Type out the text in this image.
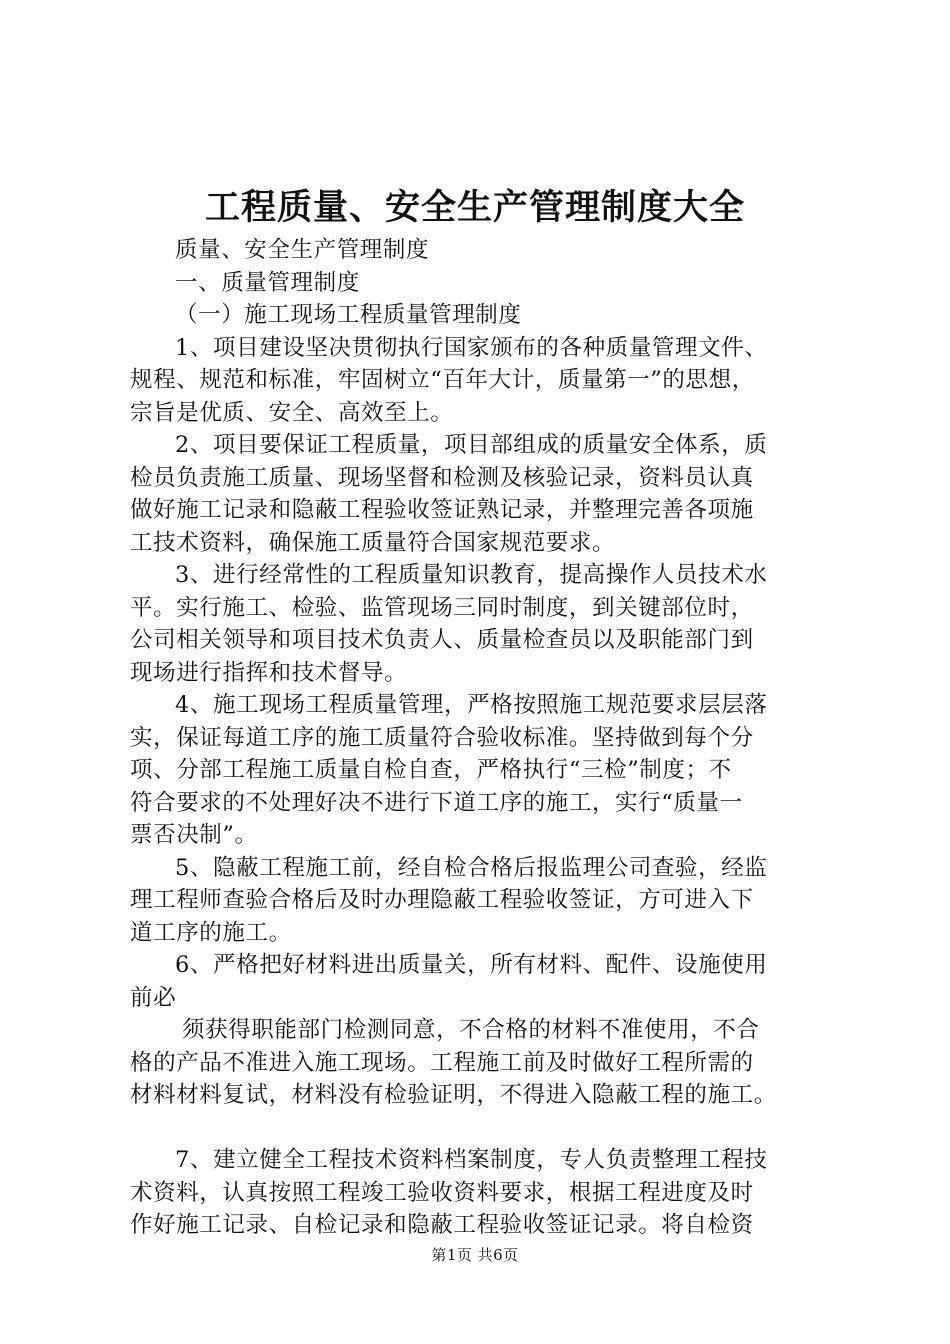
工程质量、安全生产管理制度大全

质量、安全生产管理制度

一、质量管理制度

（一）施工现场工程质量管理制度

1、项目建设坚决贯彻执行国家颁布的各种质量管理文件、

规程、规范和标准，牢固树立“百年大计，质量第一”的思想，

宗旨是优质、安全、高效至上。

2、项目要保证工程质量，项目部组成的质量安全体系，质

检员负责施工质量、现场坚督和检测及核验记录，资料员认真

做好施工记录和隐蔽工程验收签证熟记录，并整理完善各项施

工技术资料，确保施工质量符合国家规范要求。

3、进行经常性的工程质量知识教育，提高操作人员技术水

平。实行施工、检验、监管现场三同时制度，到关键部位时，

公司相关领导和项目技术负责人、质量检查员以及职能部门到

现场进行指挥和技术督导。

4、施工现场工程质量管理，严格按照施工规范要求层层落

实，保证每道工序的施工质量符合验收标准。坚持做到每个分

项、分部工程施工质量自检自查，严格执行“三检”制度；不

符合要求的不处理好决不进行下道工序的施工，实行“质量一

票否决制”。

5、隐蔽工程施工前，经自检合格后报监理公司查验，经监

理工程师查验合格后及时办理隐蔽工程验收签证，方可进入下

道工序的施工。

6、严格把好材料进出质量关，所有材料、配件、设施使用

前必

须获得职能部门检测同意，不合格的材料不准使用，不合

格的产品不准进入施工现场。工程施工前及时做好工程所需的

材料材料复试，材料没有检验证明，不得进入隐蔽工程的施工。

7、建立健全工程技术资料档案制度，专人负责整理工程技

术资料，认真按照工程竣工验收资料要求，根据工程进度及时

作好施工记录、自检记录和隐蔽工程验收签证记录。将自检资

第1页 共6页
